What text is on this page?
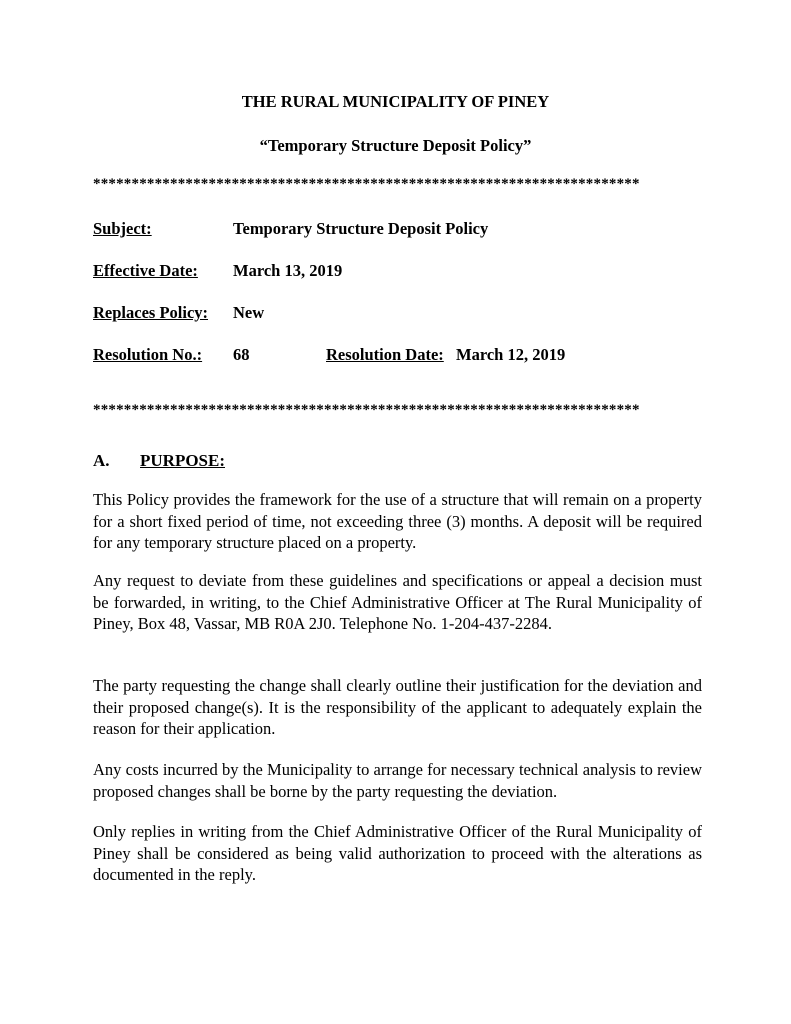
THE RURAL MUNICIPALITY OF PINEY
“Temporary Structure Deposit Policy”
***********************************************************************
Subject:	Temporary Structure Deposit Policy
Effective Date: March 13, 2019
Replaces Policy: New
Resolution No.: 68	Resolution Date: March 12, 2019
***********************************************************************
A. PURPOSE:

This Policy provides the framework for the use of a structure that will remain on a property for a short fixed period of time, not exceeding three (3) months. A deposit will be required for any temporary structure placed on a property.

Any request to deviate from these guidelines and specifications or appeal a decision must be forwarded, in writing, to the Chief Administrative Officer at The Rural Municipality of Piney, Box 48, Vassar, MB R0A 2J0. Telephone No. 1-204-437-2284.

The party requesting the change shall clearly outline their justification for the deviation and their proposed change(s). It is the responsibility of the applicant to adequately explain the reason for their application.

Any costs incurred by the Municipality to arrange for necessary technical analysis to review proposed changes shall be borne by the party requesting the deviation.

Only replies in writing from the Chief Administrative Officer of the Rural Municipality of Piney shall be considered as being valid authorization to proceed with the alterations as documented in the reply.
